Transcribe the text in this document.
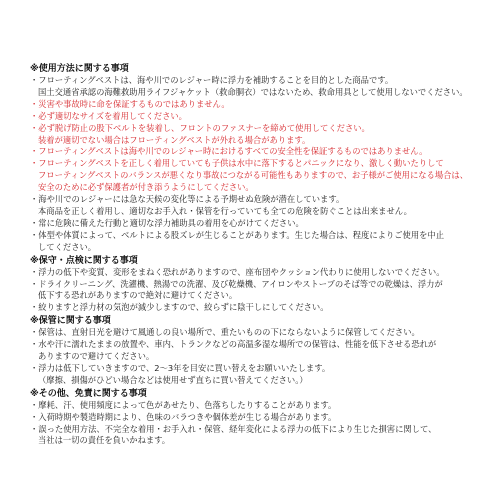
※使用方法に関する事項
・フローティングベストは、海や川でのレジャー時に浮力を補助することを目的とした商品です。
国土交通省承認の海難救助用ライフジャケット（救命胴衣）ではないため、救命用具として使用しないでください。
・災害や事故時に命を保証するものではありません。
・必ず適切なサイズを着用してください。
・必ず脱げ防止の股下ベルトを装着し、フロントのファスナーを締めて使用してください。
装着が適切でない場合はフローティングベストが外れる場合があります。
・フローティングベストは海や川でのレジャー時におけるすべての安全性を保証するものではありません。
・フローティングベストを正しく着用していても子供は水中に落下するとパニックになり、激しく動いたりして
フローティングベストのバランスが悪くなり事故につながる可能性もありますので、お子様がご使用になる場合は、
安全のために必ず保護者が付き添うようにしてください。
・海や川でのレジャーには急な天候の変化等による予期せぬ危険が潜在しています。
本商品を正しく着用し、適切なお手入れ・保管を行っていても全ての危険を防ぐことは出来ません。
・常に危険に備えた行動と適切な浮力補助具の着用を心がけてください。
・体型や体質によって、ベルトによる股ズレが生じることがあります。生じた場合は、程度によりご使用を中止
してください。
※保守・点検に関する事項
・浮力の低下や変質、変形をまねく恐れがありますので、座布団やクッション代わりに使用しないでください。
・ドライクリーニング、洗濯機、熱湯での洗濯、及び乾燥機、アイロンやストーブのそば等での乾燥は、浮力が
低下する恐れがありますので絶対に避けてください。
・絞りますと浮力材の気泡が減少しますので、絞らずに陰干しにしてください。
※保管に関する事項
・保管は、直射日光を避けて風通しの良い場所で、重たいものの下にならないように保管してください。
・水や汗に濡れたままの放置や、車内、トランクなどの高温多湿な場所での保管は、性能を低下させる恐れが
ありますので避けてください。
・浮力は低下していきますので、2〜3年を目安に買い替えをお願いいたします。
（摩擦、損傷がひどい場合などは使用せず直ちに買い替えてください。）
※その他、免責に関する事項
・摩耗、汗、使用頻度によって色があせたり、色落ちしたりすることがあります。
・入荷時期や製造時期により、色味のバラつきや個体差が生じる場合があります。
・誤った使用方法、不完全な着用・お手入れ・保管、経年変化による浮力の低下により生じた損害に関して、
当社は一切の責任を負いかねます。
